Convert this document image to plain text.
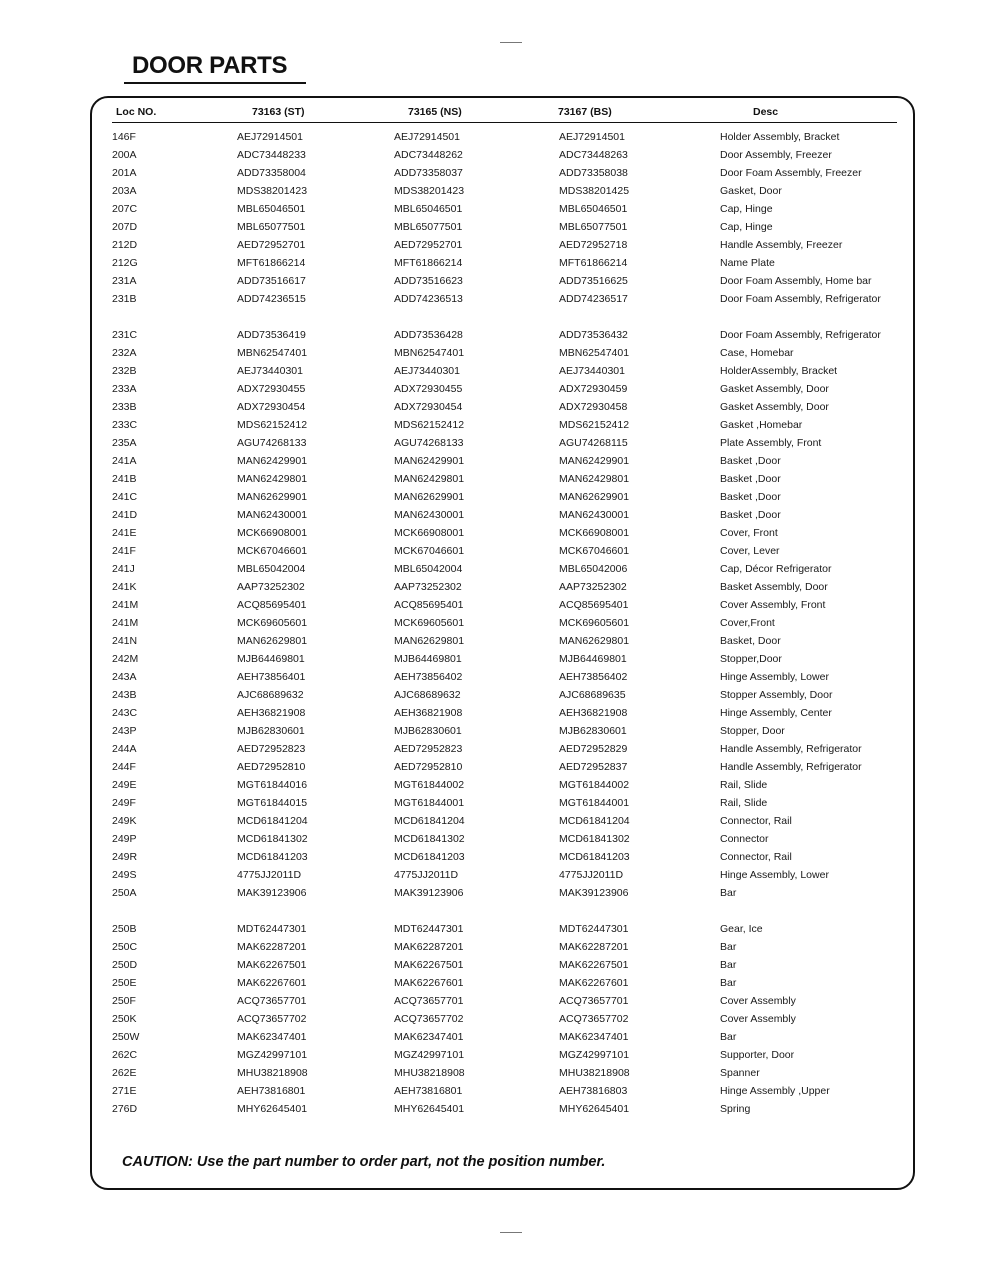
DOOR PARTS
Loc NO.	73163 (ST)	73165 (NS)	73167 (BS)	Desc
146F	AEJ72914501	AEJ72914501	AEJ72914501	Holder Assembly, Bracket
200A	ADC73448233	ADC73448262	ADC73448263	Door Assembly, Freezer
201A	ADD73358004	ADD73358037	ADD73358038	Door Foam Assembly, Freezer
203A	MDS38201423	MDS38201423	MDS38201425	Gasket, Door
207C	MBL65046501	MBL65046501	MBL65046501	Cap, Hinge
207D	MBL65077501	MBL65077501	MBL65077501	Cap, Hinge
212D	AED72952701	AED72952701	AED72952718	Handle Assembly, Freezer
212G	MFT61866214	MFT61866214	MFT61866214	Name Plate
231A	ADD73516617	ADD73516623	ADD73516625	Door Foam Assembly, Home bar
231B	ADD74236515	ADD74236513	ADD74236517	Door Foam Assembly, Refrigerator
231C	ADD73536419	ADD73536428	ADD73536432	Door Foam Assembly, Refrigerator
232A	MBN62547401	MBN62547401	MBN62547401	Case, Homebar
232B	AEJ73440301	AEJ73440301	AEJ73440301	HolderAssembly, Bracket
233A	ADX72930455	ADX72930455	ADX72930459	Gasket Assembly, Door
233B	ADX72930454	ADX72930454	ADX72930458	Gasket Assembly, Door
233C	MDS62152412	MDS62152412	MDS62152412	Gasket ,Homebar
235A	AGU74268133	AGU74268133	AGU74268115	Plate Assembly, Front
241A	MAN62429901	MAN62429901	MAN62429901	Basket ,Door
241B	MAN62429801	MAN62429801	MAN62429801	Basket ,Door
241C	MAN62629901	MAN62629901	MAN62629901	Basket ,Door
241D	MAN62430001	MAN62430001	MAN62430001	Basket ,Door
241E	MCK66908001	MCK66908001	MCK66908001	Cover, Front
241F	MCK67046601	MCK67046601	MCK67046601	Cover, Lever
241J	MBL65042004	MBL65042004	MBL65042006	Cap, Décor Refrigerator
241K	AAP73252302	AAP73252302	AAP73252302	Basket Assembly, Door
241M	ACQ85695401	ACQ85695401	ACQ85695401	Cover Assembly, Front
241M	MCK69605601	MCK69605601	MCK69605601	Cover,Front
241N	MAN62629801	MAN62629801	MAN62629801	Basket, Door
242M	MJB64469801	MJB64469801	MJB64469801	Stopper,Door
243A	AEH73856401	AEH73856402	AEH73856402	Hinge Assembly, Lower
243B	AJC68689632	AJC68689632	AJC68689635	Stopper Assembly, Door
243C	AEH36821908	AEH36821908	AEH36821908	Hinge Assembly, Center
243P	MJB62830601	MJB62830601	MJB62830601	Stopper, Door
244A	AED72952823	AED72952823	AED72952829	Handle Assembly, Refrigerator
244F	AED72952810	AED72952810	AED72952837	Handle Assembly, Refrigerator
249E	MGT61844016	MGT61844002	MGT61844002	Rail, Slide
249F	MGT61844015	MGT61844001	MGT61844001	Rail, Slide
249K	MCD61841204	MCD61841204	MCD61841204	Connector, Rail
249P	MCD61841302	MCD61841302	MCD61841302	Connector
249R	MCD61841203	MCD61841203	MCD61841203	Connector, Rail
249S	4775JJ2011D	4775JJ2011D	4775JJ2011D	Hinge Assembly, Lower
250A	MAK39123906	MAK39123906	MAK39123906	Bar
250B	MDT62447301	MDT62447301	MDT62447301	Gear, Ice
250C	MAK62287201	MAK62287201	MAK62287201	Bar
250D	MAK62267501	MAK62267501	MAK62267501	Bar
250E	MAK62267601	MAK62267601	MAK62267601	Bar
250F	ACQ73657701	ACQ73657701	ACQ73657701	Cover Assembly
250K	ACQ73657702	ACQ73657702	ACQ73657702	Cover Assembly
250W	MAK62347401	MAK62347401	MAK62347401	Bar
262C	MGZ42997101	MGZ42997101	MGZ42997101	Supporter, Door
262E	MHU38218908	MHU38218908	MHU38218908	Spanner
271E	AEH73816801	AEH73816801	AEH73816803	Hinge Assembly ,Upper
276D	MHY62645401	MHY62645401	MHY62645401	Spring
CAUTION: Use the part number to order part, not the position number.
